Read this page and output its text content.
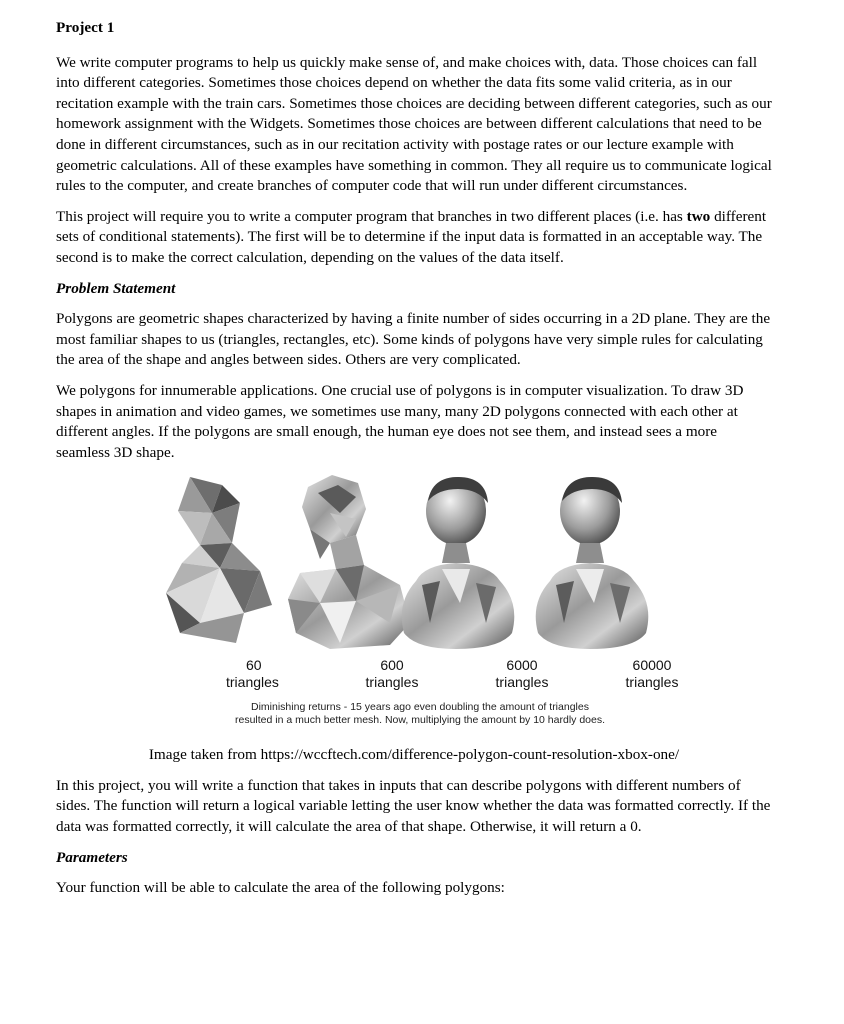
Project 1

We write computer programs to help us quickly make sense of, and make choices with, data. Those choices can fall into different categories. Sometimes those choices depend on whether the data fits some valid criteria, as in our recitation example with the train cars. Sometimes those choices are deciding between different categories, such as our homework assignment with the Widgets. Sometimes those choices are between different calculations that need to be done in different circumstances, such as in our recitation activity with postage rates or our lecture example with geometric calculations. All of these examples have something in common. They all require us to communicate logical rules to the computer, and create branches of computer code that will run under different circumstances.

This project will require you to write a computer program that branches in two different places (i.e. has two different sets of conditional statements). The first will be to determine if the input data is formatted in an acceptable way. The second is to make the correct calculation, depending on the values of the data itself.

Problem Statement

Polygons are geometric shapes characterized by having a finite number of sides occurring in a 2D plane. They are the most familiar shapes to us (triangles, rectangles, etc). Some kinds of polygons have very simple rules for calculating the area of the shape and angles between sides. Others are very complicated.

We polygons for innumerable applications. One crucial use of polygons is in computer visualization. To draw 3D shapes in animation and video games, we sometimes use many, many 2D polygons connected with each other at different angles. If the polygons are small enough, the human eye does not see them, and instead sees a more seamless 3D shape.

60
triangles
600
triangles
6000
triangles
60000
triangles
Diminishing returns - 15 years ago even doubling the amount of triangles
resulted in a much better mesh. Now, multiplying the amount by 10 hardly does.

Image taken from https://wccftech.com/difference-polygon-count-resolution-xbox-one/

In this project, you will write a function that takes in inputs that can describe polygons with different numbers of sides. The function will return a logical variable letting the user know whether the data was formatted correctly. If the data was formatted correctly, it will calculate the area of that shape. Otherwise, it will return a 0.

Parameters

Your function will be able to calculate the area of the following polygons:
